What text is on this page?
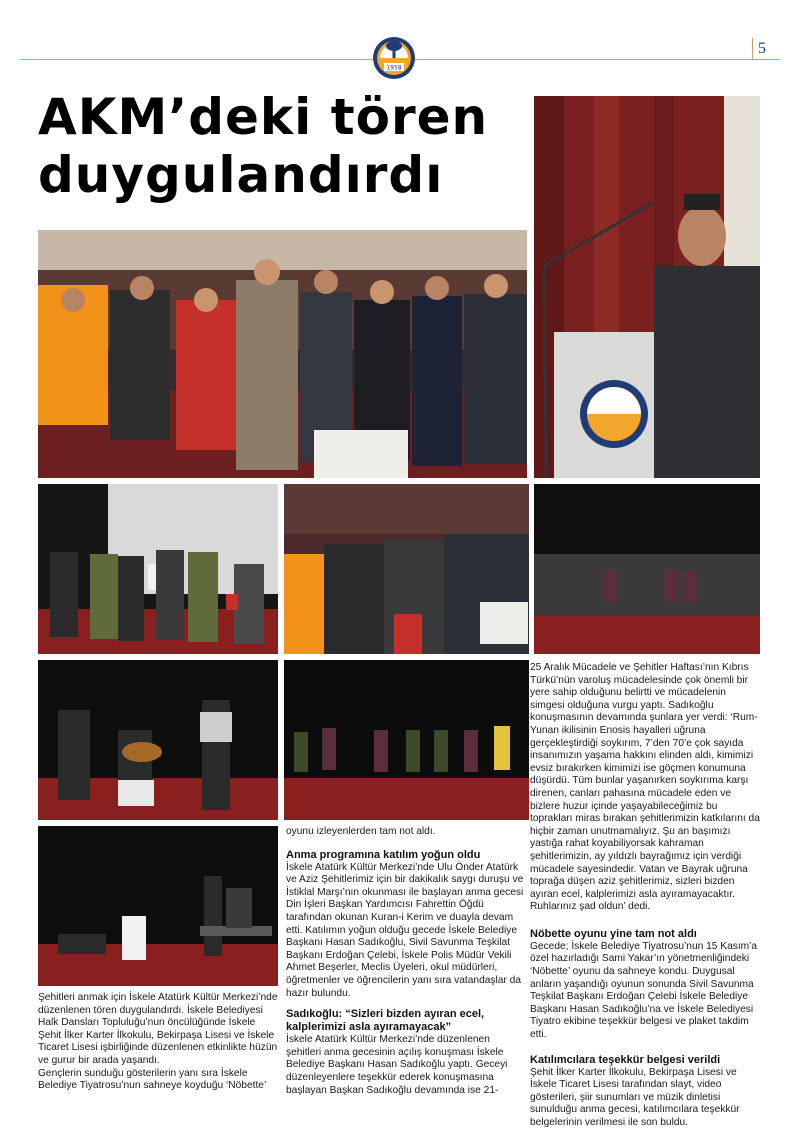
1958
5
AKM’deki tören
duygulandırdı

Şehitleri anmak için İskele Atatürk Kültür Merkezi’nde düzenlenen tören duygulandırdı. İskele Belediyesi Halk Dansları Topluluğu’nun öncülüğünde İskele Şehit İlker Karter İlkokulu, Bekirpaşa Lisesi ve İskele Ticaret Lisesi işbirliğinde düzenlenen etkinlikte hüzün ve gurur bir arada yaşandı.

Gençlerin sunduğu gösterilerin yanı sıra İskele Belediye Tiyatrosu’nun sahneye koyduğu ‘Nöbette’

oyunu izleyenlerden tam not aldı.

Anma programına katılım yoğun oldu

İskele Atatürk Kültür Merkezi’nde Ulu Önder Atatürk ve Aziz Şehitlerimiz için bir dakikalık saygı duruşu ve İstiklal Marşı’nın okunması ile başlayan anma gecesi Din İşleri Başkan Yardımcısı Fahrettin Öğdü tarafından okunan Kuran-i Kerim ve duayla devam etti. Katılımın yoğun olduğu gecede İskele Belediye Başkanı Hasan Sadıkoğlu, Sivil Savunma Teşkilat Başkanı Erdoğan Çelebi, İskele Polis Müdür Vekili Ahmet Beşerler, Meclis Üyeleri, okul müdürleri, öğretmenler ve öğrencilerin yanı sıra vatandaşlar da hazır bulundu.

Sadıkoğlu: “Sizleri bizden ayıran ecel, kalplerimizi asla ayıramayacak”

İskele Atatürk Kültür Merkezi’nde düzenlenen şehitleri anma gecesinin açılış konuşması İskele Belediye Başkanı Hasan Sadıkoğlu yaptı. Geceyi düzenleyenlere teşekkür ederek konuşmasına başlayan Başkan Sadıkoğlu devamında ise 21-

25 Aralık Mücadele ve Şehitler Haftası’nın Kıbrıs Türkü’nün varoluş mücadelesinde çok önemli bir yere sahip olduğunu belirtti ve mücadelenin simgesi olduğuna vurgu yaptı. Sadıkoğlu konuşmasının devamında şunlara yer verdi: ‘Rum-Yunan ikilisinin Enosis hayalleri uğruna gerçekleştirdiği soykırım, 7’den 70’e çok sayıda insanımızın yaşama hakkını elinden aldı, kimimizi evsiz bırakırken kimimizi ise göçmen konumuna düşürdü. Tüm bunlar yaşanırken soykırıma karşı direnen, canları pahasına mücadele eden ve bizlere huzur içinde yaşayabileceğimiz bu toprakları miras bırakan şehitlerimizin katkılarını da hiçbir zaman unutmamalıyız. Şu an başımızı yastığa rahat koyabiliyorsak kahraman şehitlerimizin, ay yıldızlı bayrağımız için verdiği mücadele sayesindedir. Vatan ve Bayrak uğruna toprağa düşen aziz şehitlerimiz, sizleri bizden ayıran ecel, kalplerimizi asla ayıramayacaktır. Ruhlarınız şad oldun’ dedi.

Nöbette oyunu yine tam not aldı

Gecede; İskele Belediye Tiyatrosu’nun 15 Kasım’a özel hazırladığı Sami Yakar’ın yönetmenliğindeki ‘Nöbette’ oyunu da sahneye kondu. Duygusal anların yaşandığı oyunun sonunda Sivil Savunma Teşkilat Başkanı Erdoğan Çelebi İskele Belediye Başkanı Hasan Sadıkoğlu’na ve İskele Belediyesi Tiyatro ekibine teşekkür belgesi ve plaket takdim etti.

Katılımcılara teşekkür belgesi verildi

Şehit İlker Karter İlkokulu, Bekirpaşa Lisesi ve İskele Ticaret Lisesi tarafından slayt, video gösterileri, şiir sunumları ve müzik dinletisi sunulduğu anma gecesi, katılımcılara teşekkür belgelerinin verilmesi ile son buldu.
